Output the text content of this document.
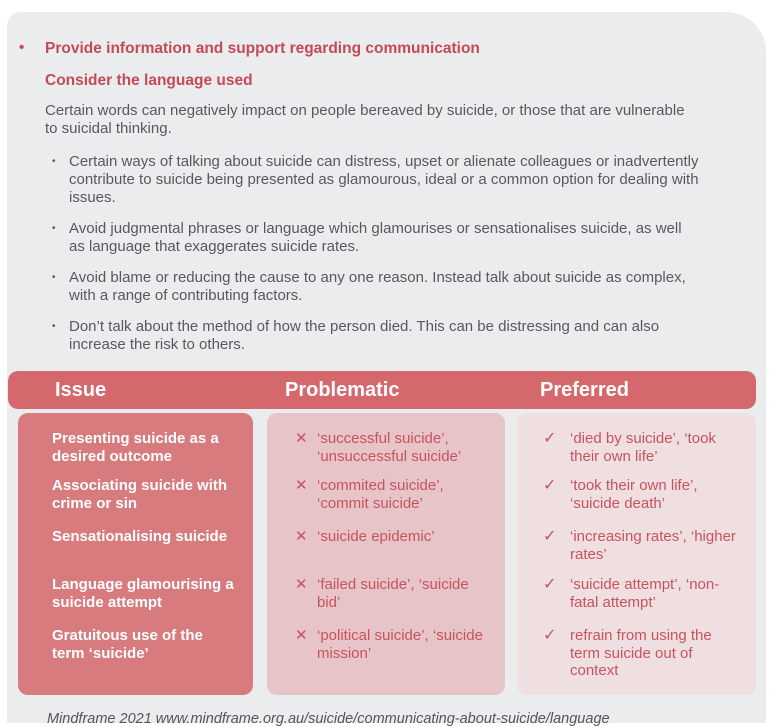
• Provide information and support regarding communication
Consider the language used

Certain words can negatively impact on people bereaved by suicide, or those that are vulnerable to suicidal thinking.

• Certain ways of talking about suicide can distress, upset or alienate colleagues or inadvertently contribute to suicide being presented as glamourous, ideal or a common option for dealing with issues.
• Avoid judgmental phrases or language which glamourises or sensationalises suicide, as well as language that exaggerates suicide rates.
• Avoid blame or reducing the cause to any one reason. Instead talk about suicide as complex, with a range of contributing factors.
• Don’t talk about the method of how the person died. This can be distressing and can also increase the risk to others.
Issue	Problematic	Preferred
Presenting suicide as a desired outcome
Associating suicide with crime or sin
Sensationalising suicide
Language glamourising a suicide attempt
Gratuitous use of the term ‘suicide’
✕ ‘successful suicide’, ‘unsuccessful suicide’
✕ ‘commited suicide’, ‘commit suicide’
✕ ‘suicide epidemic’
✕ ‘failed suicide’, ‘suicide bid’
✕ ‘political suicide’, ‘suicide mission’
✓ ‘died by suicide’, ‘took their own life’
✓ ‘took their own life’, ‘suicide death’
✓ ‘increasing rates’, ‘higher rates’
✓ ‘suicide attempt’, ‘non-fatal attempt’
✓ refrain from using the term suicide out of context
Mindframe 2021 www.mindframe.org.au/suicide/communicating-about-suicide/language
